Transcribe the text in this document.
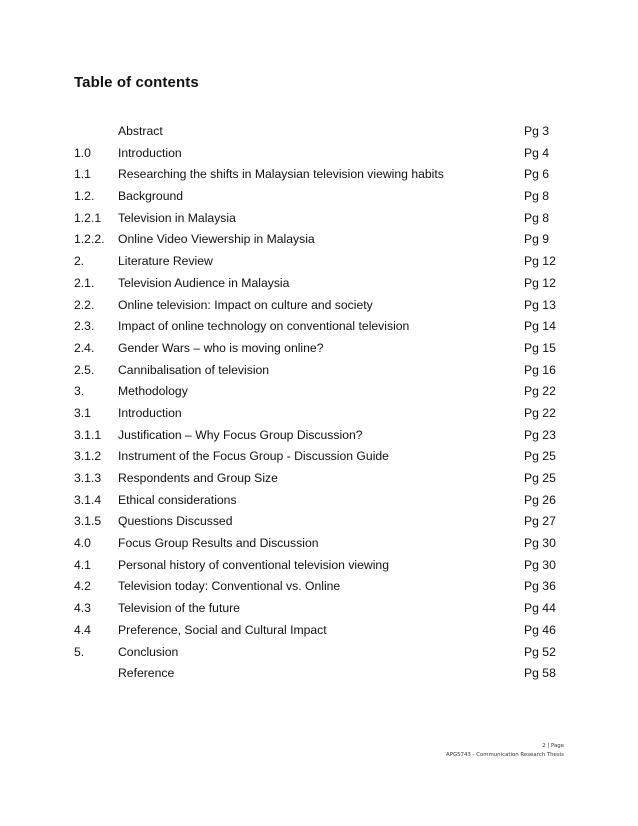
Table of contents
Abstract	Pg 3
1.0 Introduction	Pg 4
1.1 Researching the shifts in Malaysian television viewing habits	Pg 6
1.2. Background	Pg 8
1.2.1 Television in Malaysia	Pg 8
1.2.2. Online Video Viewership in Malaysia	Pg 9
2.	Literature Review	Pg 12
2.1. Television Audience in Malaysia	Pg 12
2.2. Online television: Impact on culture and society	Pg 13
2.3. Impact of online technology on conventional television	Pg 14
2.4. Gender Wars – who is moving online?	Pg 15
2.5. Cannibalisation of television	Pg 16
3.	Methodology	Pg 22
3.1 Introduction	Pg 22
3.1.1 Justification – Why Focus Group Discussion?	Pg 23
3.1.2 Instrument of the Focus Group - Discussion Guide	Pg 25
3.1.3 Respondents and Group Size	Pg 25
3.1.4 Ethical considerations	Pg 26
3.1.5 Questions Discussed	Pg 27
4.0 Focus Group Results and Discussion	Pg 30
4.1 Personal history of conventional television viewing	Pg 30
4.2 Television today: Conventional vs. Online	Pg 36
4.3 Television of the future	Pg 44
4.4 Preference, Social and Cultural Impact	Pg 46
5.	Conclusion	Pg 52
Reference	Pg 58
2 | Page
APG5743 - Communication Research Thesis
